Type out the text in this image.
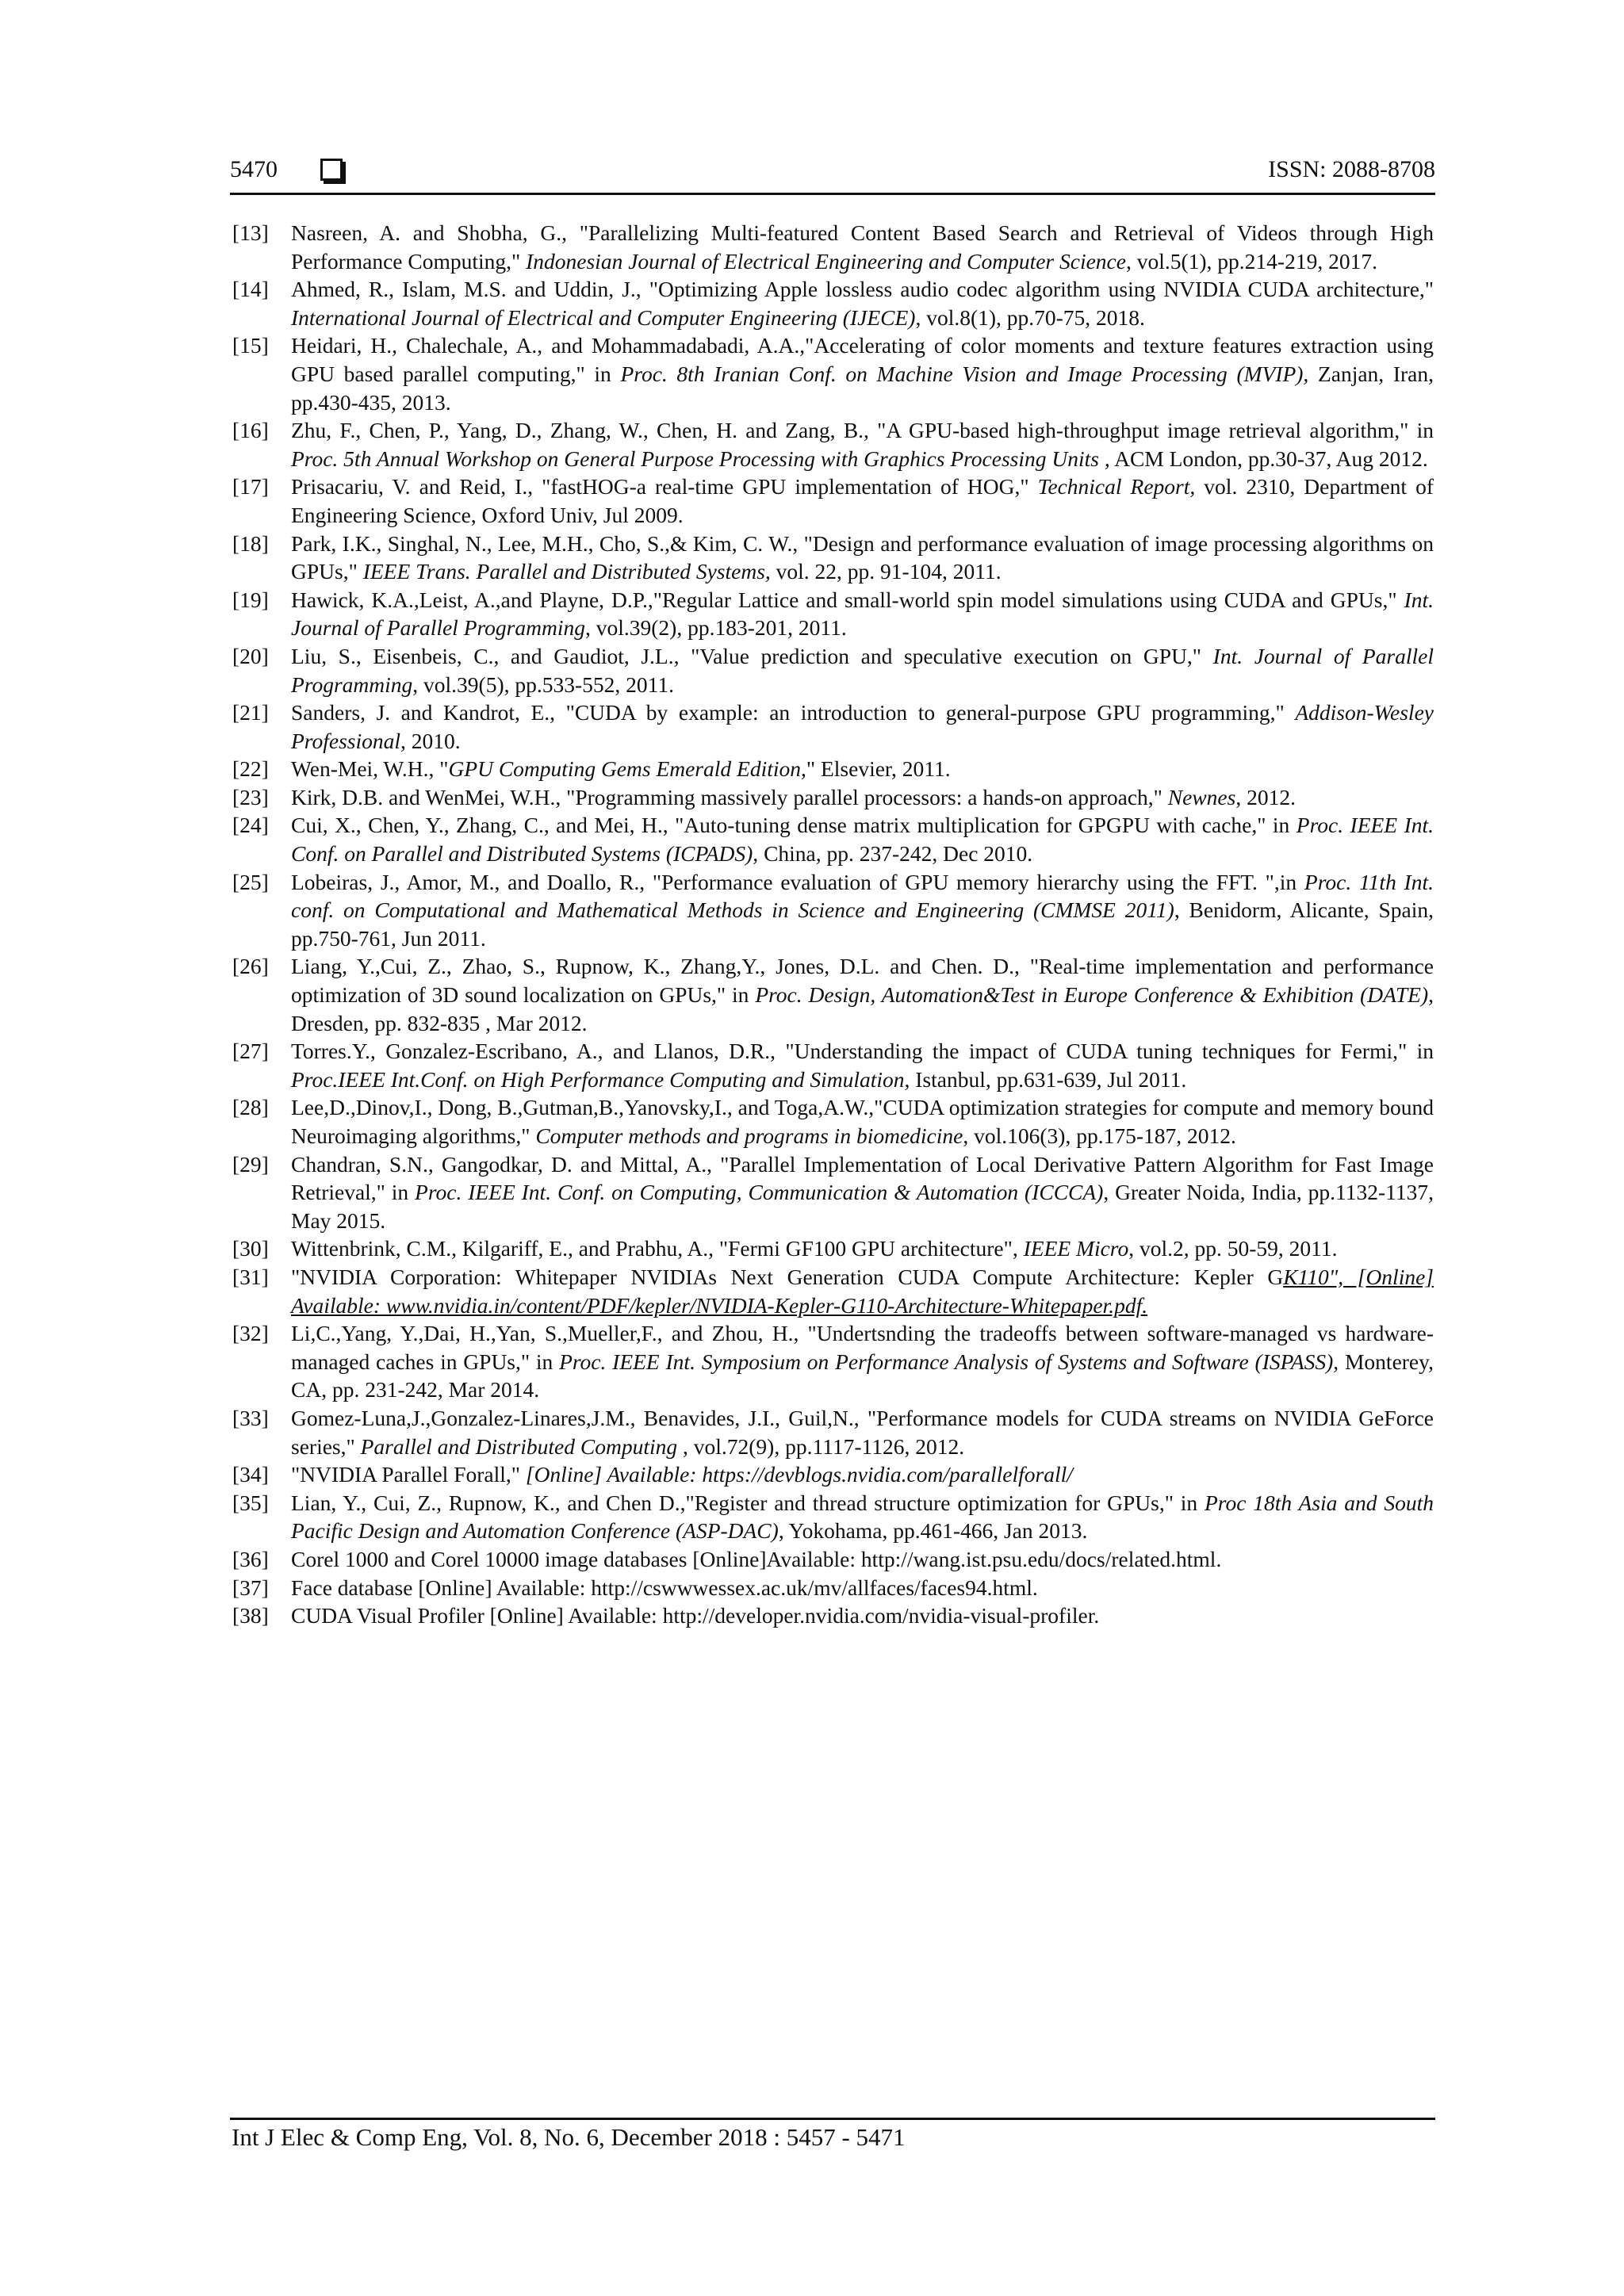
5470	ISSN: 2088-8708
[13] Nasreen, A. and Shobha, G., "Parallelizing Multi-featured Content Based Search and Retrieval of Videos through High Performance Computing," Indonesian Journal of Electrical Engineering and Computer Science, vol.5(1), pp.214-219, 2017.
[14] Ahmed, R., Islam, M.S. and Uddin, J., "Optimizing Apple lossless audio codec algorithm using NVIDIA CUDA architecture," International Journal of Electrical and Computer Engineering (IJECE), vol.8(1), pp.70-75, 2018.
[15] Heidari, H., Chalechale, A., and Mohammadabadi, A.A.,"Accelerating of color moments and texture features extraction using GPU based parallel computing," in Proc. 8th Iranian Conf. on Machine Vision and Image Processing (MVIP), Zanjan, Iran, pp.430-435, 2013.
[16] Zhu, F., Chen, P., Yang, D., Zhang, W., Chen, H. and Zang, B., "A GPU-based high-throughput image retrieval algorithm," in Proc. 5th Annual Workshop on General Purpose Processing with Graphics Processing Units , ACM London, pp.30-37, Aug 2012.
[17] Prisacariu, V. and Reid, I., "fastHOG-a real-time GPU implementation of HOG," Technical Report, vol. 2310, Department of Engineering Science, Oxford Univ, Jul 2009.
[18] Park, I.K., Singhal, N., Lee, M.H., Cho, S.,& Kim, C. W., "Design and performance evaluation of image processing algorithms on GPUs," IEEE Trans. Parallel and Distributed Systems, vol. 22, pp. 91-104, 2011.
[19] Hawick, K.A.,Leist, A.,and Playne, D.P.,"Regular Lattice and small-world spin model simulations using CUDA and GPUs," Int. Journal of Parallel Programming, vol.39(2), pp.183-201, 2011.
[20] Liu, S., Eisenbeis, C., and Gaudiot, J.L., "Value prediction and speculative execution on GPU," Int. Journal of Parallel Programming, vol.39(5), pp.533-552, 2011.
[21] Sanders, J. and Kandrot, E., "CUDA by example: an introduction to general-purpose GPU programming," Addison-Wesley Professional, 2010.
[22] Wen-Mei, W.H., "GPU Computing Gems Emerald Edition," Elsevier, 2011.
[23] Kirk, D.B. and WenMei, W.H., "Programming massively parallel processors: a hands-on approach," Newnes, 2012.
[24] Cui, X., Chen, Y., Zhang, C., and Mei, H., "Auto-tuning dense matrix multiplication for GPGPU with cache," in Proc. IEEE Int. Conf. on Parallel and Distributed Systems (ICPADS), China, pp. 237-242, Dec 2010.
[25] Lobeiras, J., Amor, M., and Doallo, R., "Performance evaluation of GPU memory hierarchy using the FFT. ",in Proc. 11th Int. conf. on Computational and Mathematical Methods in Science and Engineering (CMMSE 2011), Benidorm, Alicante, Spain, pp.750-761, Jun 2011.
[26] Liang, Y.,Cui, Z., Zhao, S., Rupnow, K., Zhang,Y., Jones, D.L. and Chen. D., "Real-time implementation and performance optimization of 3D sound localization on GPUs," in Proc. Design, Automation&Test in Europe Conference & Exhibition (DATE), Dresden, pp. 832-835 , Mar 2012.
[27] Torres.Y., Gonzalez-Escribano, A., and Llanos, D.R., "Understanding the impact of CUDA tuning techniques for Fermi," in Proc.IEEE Int.Conf. on High Performance Computing and Simulation, Istanbul, pp.631-639, Jul 2011.
[28] Lee,D.,Dinov,I., Dong, B.,Gutman,B.,Yanovsky,I., and Toga,A.W.,"CUDA optimization strategies for compute and memory bound Neuroimaging algorithms," Computer methods and programs in biomedicine, vol.106(3), pp.175-187, 2012.
[29] Chandran, S.N., Gangodkar, D. and Mittal, A., "Parallel Implementation of Local Derivative Pattern Algorithm for Fast Image Retrieval," in Proc. IEEE Int. Conf. on Computing, Communication & Automation (ICCCA), Greater Noida, India, pp.1132-1137, May 2015.
[30] Wittenbrink, C.M., Kilgariff, E., and Prabhu, A., "Fermi GF100 GPU architecture", IEEE Micro, vol.2, pp. 50-59, 2011.
[31] "NVIDIA Corporation: Whitepaper NVIDIAs Next Generation CUDA Compute Architecture: Kepler GK110", [Online] Available: www.nvidia.in/content/PDF/kepler/NVIDIA-Kepler-G110-Architecture-Whitepaper.pdf.
[32] Li,C.,Yang, Y.,Dai, H.,Yan, S.,Mueller,F., and Zhou, H., "Undertsnding the tradeoffs between software-managed vs hardware-managed caches in GPUs," in Proc. IEEE Int. Symposium on Performance Analysis of Systems and Software (ISPASS), Monterey, CA, pp. 231-242, Mar 2014.
[33] Gomez-Luna,J.,Gonzalez-Linares,J.M., Benavides, J.I., Guil,N., "Performance models for CUDA streams on NVIDIA GeForce series," Parallel and Distributed Computing , vol.72(9), pp.1117-1126, 2012.
[34] "NVIDIA Parallel Forall," [Online] Available: https://devblogs.nvidia.com/parallelforall/
[35] Lian, Y., Cui, Z., Rupnow, K., and Chen D.,"Register and thread structure optimization for GPUs," in Proc 18th Asia and South Pacific Design and Automation Conference (ASP-DAC), Yokohama, pp.461-466, Jan 2013.
[36] Corel 1000 and Corel 10000 image databases [Online]Available: http://wang.ist.psu.edu/docs/related.html.
[37] Face database [Online] Available: http://cswwwessex.ac.uk/mv/allfaces/faces94.html.
[38] CUDA Visual Profiler [Online] Available: http://developer.nvidia.com/nvidia-visual-profiler.
Int J Elec & Comp Eng, Vol. 8, No. 6, December 2018 : 5457 - 5471
